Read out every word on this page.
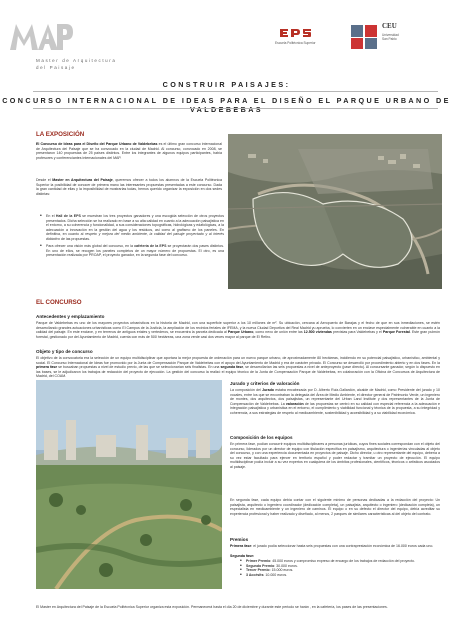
Master de Arquitectura
del Paisaje
Escuela Politécnica Superior
CEU
Universidad
San Pablo
CONSTRUIR PAISAJES:
CONCURSO INTERNACIONAL DE IDEAS PARA EL DISEÑO EL PARQUE URBANO DE VALDEBEBAS
LA EXPOSICIÓN
El Concurso de Ideas para el Diseño del Parque Urbano de Valdebebas es el último gran concurso internacional de Arquitectura del Paisaje que se ha convocado en la ciudad de Madrid. Al concurso, convocado en 2008, se presentaron 140 propuestas de 25 países distintos. Entre los integrantes de algunos equipos participantes, había profesores y conferenciantes internacionales del MAP.
Desde el Master en Arquitectura del Paisaje, queremos ofrecer a todos los alumnos de la Escuela Politécnica Superior la posibilidad de conocer de primera mano las interesantes propuestas presentadas a este concurso. Dada la gran cantidad de ellas y la imposibilidad de mostrarlas todas, hemos querido organizar la exposición en dos sedes distintas:
• En el Hall de la EPS se muestran los tres proyectos ganadores y una escogida selección de otros proyectos presentados. Dicha selección se ha realizado en base a su alta calidad en cuanto a la adecuación paisajística en el entorno, a su coherencia y funcionalidad, a sus consideraciones topográficas, hidrológicas y edafológicas, a la adecuación a innovación en la gestión del agua y los residuos, así como al grafismo de los paneles. En definitiva, en cuanto al respeto y mejora del medio ambiente, la calidad del paisaje proyectado y al interés didáctico de las propuestas.
• Para ofrecer una visión más global del concurso, en la cafetería de la EPS se proyectarán dos pases distintos. En uno de ellos, se recogen los paneles completos de un mayor número de propuestas. El otro, es una presentación realizada por PROAP, el proyecto ganador, en la segunda fase del concurso.
EL CONCURSO
Antecedentes y emplazamiento
Parque de Valdebebas es uno de los mayores proyectos urbanísticos en la historia de Madrid, con una superficie superior a los 10 millones de m². Su ubicación, cercana al Aeropuerto de Barajas y el fecho de que en sus inmediaciones, se estén desarrollando grandes actuaciones urbanísticas como El Campus de la Justicia, la ampliación de los recintos feriales de IFEMA, y la nueva Ciudad Deportiva del Real Madrid yu aprueba, lo convierten en un enclave especialmente vulnerable en cuanto a la calidad del paisaje. En este enclave, y en terrenos de antiguos eriales y vertederos, se encuentra la parcela dedicada al Parque Urbano, como nexo de unión entre las 12.500 viviendas previstas para Valdebebas y el Parque Forestal. Este gran pulmón forestal, gestionado por del Ayuntamiento de Madrid, cuenta con más de 500 hectáreas, una zona verde casi dos veces mayor al parque de El Retiro.
Objeto y tipo de concurso
El objetivo de la convocatoria era la selección de un equipo multidisciplinar que aportara la mejor propuesta de ordenación para un nuevo parque urbano, de aproximadamente 80 hectáreas, incidiendo en su potencial paisajístico, urbanístico, ambiental y social. El Concurso Internacional de Ideas fue promovido por la Junta de Compensación Parque de Valdebebas con el apoyo del Ayuntamiento de Madrid y era de carácter privado. El Concurso se desarrolló por procedimiento abierto y en dos fases. En la primera fase se buscaban propuestas a nivel de estudio previo, de las que se seleccionarían seis finalistas. En una segunda fase, se desarrollarían las seis propuestas a nivel de anteproyecto (pase directo). Al concursante ganador, según lo dispuesto en las bases, se le adjudicaron los trabajos de redacción del proyecto de ejecución. La gestión del concurso la realizó el equipo técnico de la Junta de Compensación Parque de Valdebebas, en colaboración con la Oficina de Concursos de Arquitectura de Madrid, del COAM.
Jurado y criterios de valoración
La composición del Jurado estaba encabezada por D. Alberto Ruiz-Gallardón, alcalde de Madrid, como Presidente del jurado y 10 vocales, entre los que se encontraban la delegada del Área de Medio Ambiente, el director general de Patrimonio Verde, un ingeniero de montes, dos arquitectos, dos paisajistas, un representante del Urban Land Institute y dos representantes de la Junta de Compensación de Valdebebas. La valoración de las propuestas se centró en su calidad con especial referencia a la adecuación e integración paisajística y urbanística en el entorno, el cumplimiento y viabilidad funcional y técnica de la propuesta, a su integridad y coherencia, a sus estrategias de respeto al medioambiente, sostenibilidad y accesibilidad y a su viabilidad económica.
Composición de los equipos
En primera fase, podían concurrir equipos multidisciplinares a personas jurídicas, cuyos fines sociales correspondan con el objeto del concurso, liderados por un director de equipo con titulación específica en paisajismo, arquitectura o ingenierías vinculadas al objeto del concurso, y con una experiencia documentada en proyectos de paisaje. Dicho director, u otro representante del equipo, debería a su vez estar facultado para ejercer en territorio español y poder redactar y tramitar un proyecto de ejecución. El equipo multidisciplinar podía incluir a su vez expertos en cualquiera de los ámbitos profesionales, científicos, técnicos o artísticos asociados al paisaje.
En segunda fase, cada equipo debía contar con el siguiente mínimo de personas dedicadas a la redacción del proyecto: Un paisajista, arquitecto o ingeniero coordinador (dedicación completa), un paisajista, arquitecto o ingeniero (dedicación completa), un especialista en medioambiente y un ingeniero de caminos. El equipo o en su defecto el director del equipo, debía acreditar su experiencia profesional y haber realizado y diseñado, al menos, 2 parques de similares características al del objeto del contrato.
Premios
Primera fase: el jurado podía seleccionar hasta seis propuestas con una contraprestación económica de 16.000 euros cada uno.
Segunda fase:
• Primer Premio: 45.000 euros y compromiso expreso de encargo de los trabajos de redacción del proyecto.
• Segundo Premio: 30.000 euros.
• Tercer Premio: 15.000 euros.
• 3 Accésits: 10.000 euros.
El Master en Arquitectura del Paisaje de la Escuela Politécnica Superior organiza esta exposición. Permanecerá hasta el día 20 de diciembre y durante este periodo se harán , en la cafetería, los pases de las presentaciones.
